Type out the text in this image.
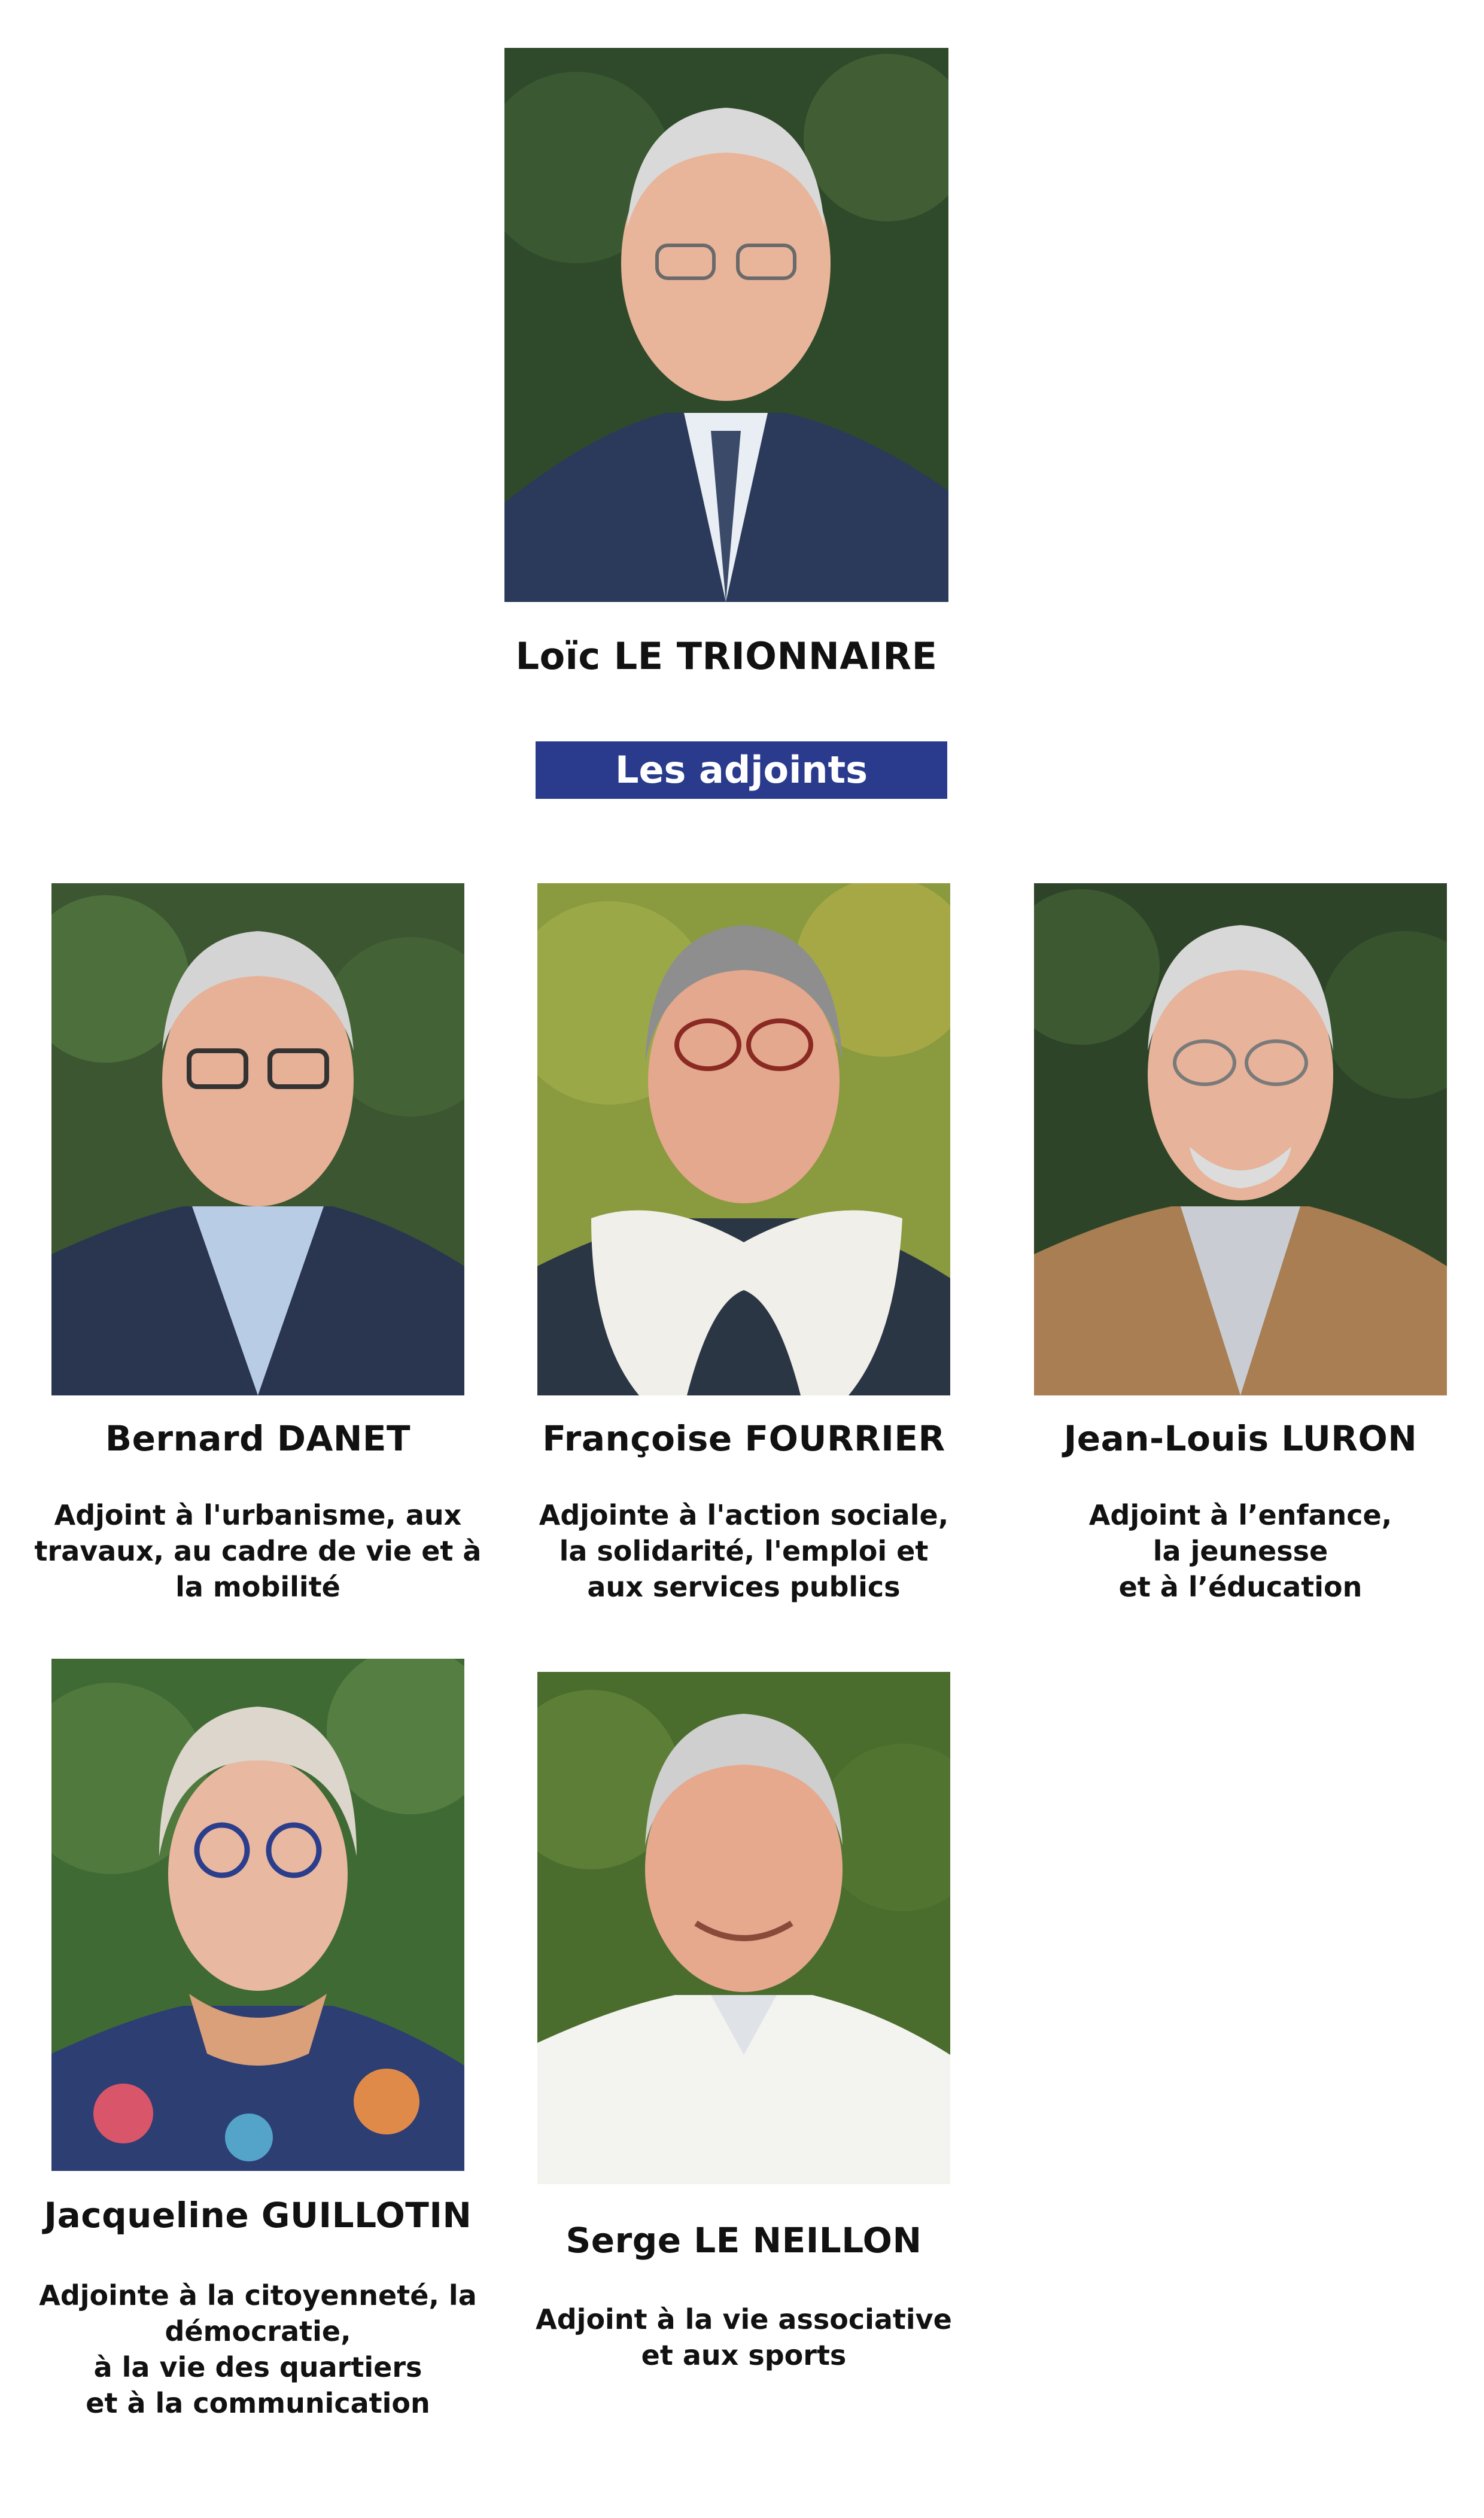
Loïc LE TRIONNAIRE
Les adjoints
Bernard DANET
Adjoint à l'urbanisme, aux
travaux, au cadre de vie et à
la mobilité
Françoise FOURRIER
Adjointe à l'action sociale,
la solidarité, l'emploi et
aux services publics
Jean-Louis LURON
Adjoint à l’enfance,
la jeunesse
et à l’éducation
Jacqueline GUILLOTIN
Adjointe à la citoyenneté, la
démocratie,
à la vie des quartiers
et à la communication
Serge LE NEILLON
Adjoint à la vie associative
et aux sports
